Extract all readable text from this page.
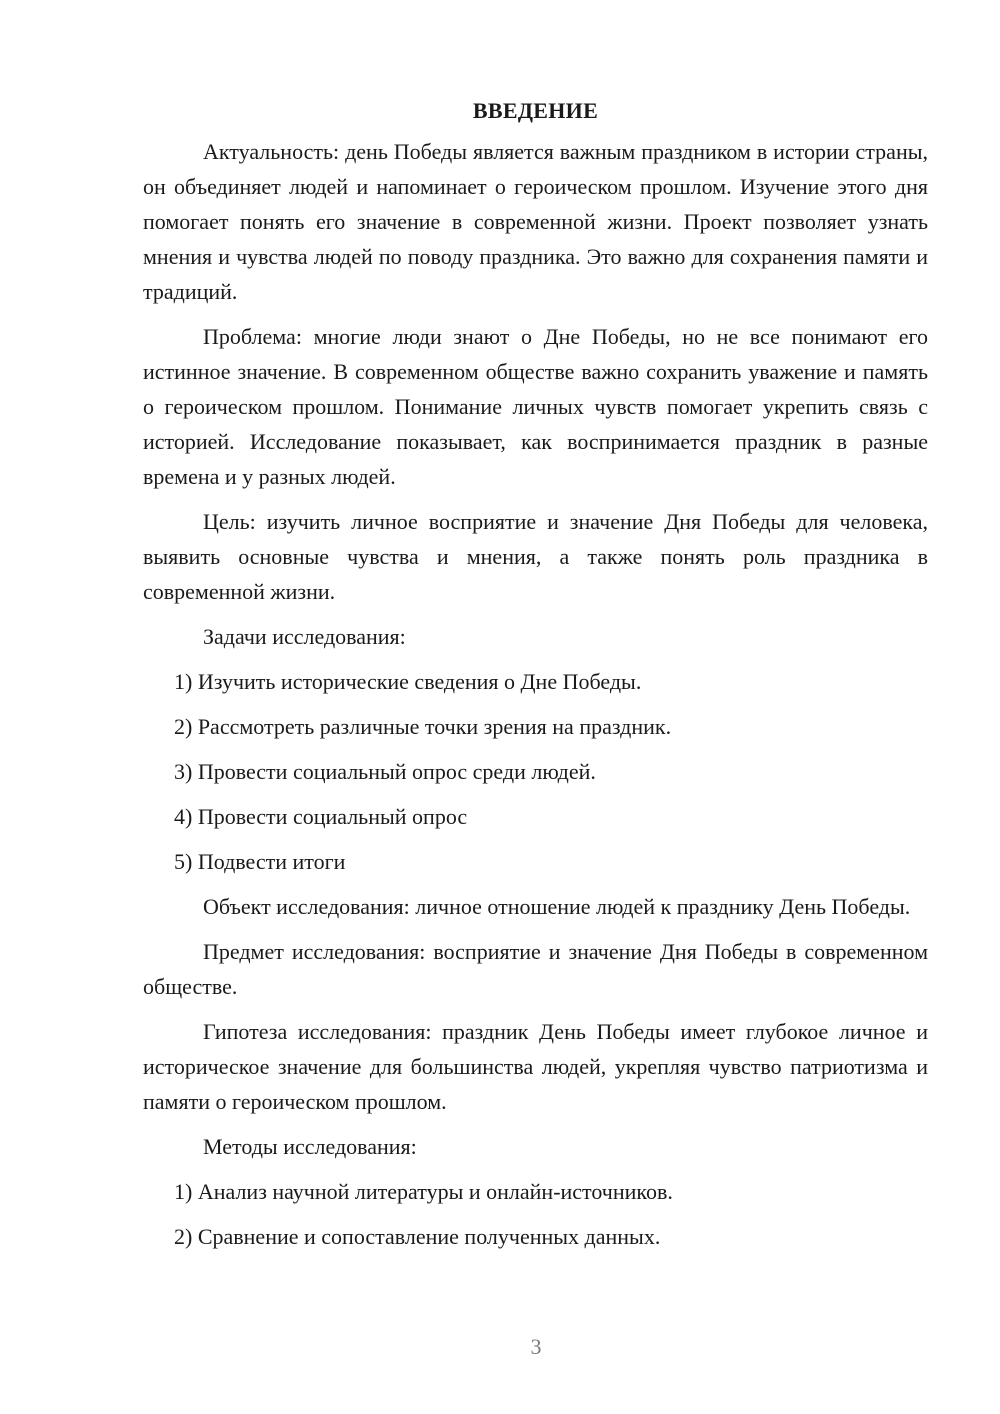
ВВЕДЕНИЕ

Актуальность: день Победы является важным праздником в истории страны, он объединяет людей и напоминает о героическом прошлом. Изучение этого дня помогает понять его значение в современной жизни. Проект позволяет узнать мнения и чувства людей по поводу праздника. Это важно для сохранения памяти и традиций.

Проблема: многие люди знают о Дне Победы, но не все понимают его истинное значение. В современном обществе важно сохранить уважение и память о героическом прошлом. Понимание личных чувств помогает укрепить связь с историей. Исследование показывает, как воспринимается праздник в разные времена и у разных людей.

Цель: изучить личное восприятие и значение Дня Победы для человека, выявить основные чувства и мнения, а также понять роль праздника в современной жизни.

Задачи исследования:

1) Изучить исторические сведения о Дне Победы.
2) Рассмотреть различные точки зрения на праздник.
3) Провести социальный опрос среди людей.
4) Провести социальный опрос
5) Подвести итоги

Объект исследования: личное отношение людей к празднику День Победы.

Предмет исследования: восприятие и значение Дня Победы в современном обществе.

Гипотеза исследования: праздник День Победы имеет глубокое личное и историческое значение для большинства людей, укрепляя чувство патриотизма и памяти о героическом прошлом.

Методы исследования:

1) Анализ научной литературы и онлайн-источников.
2) Сравнение и сопоставление полученных данных.
3
